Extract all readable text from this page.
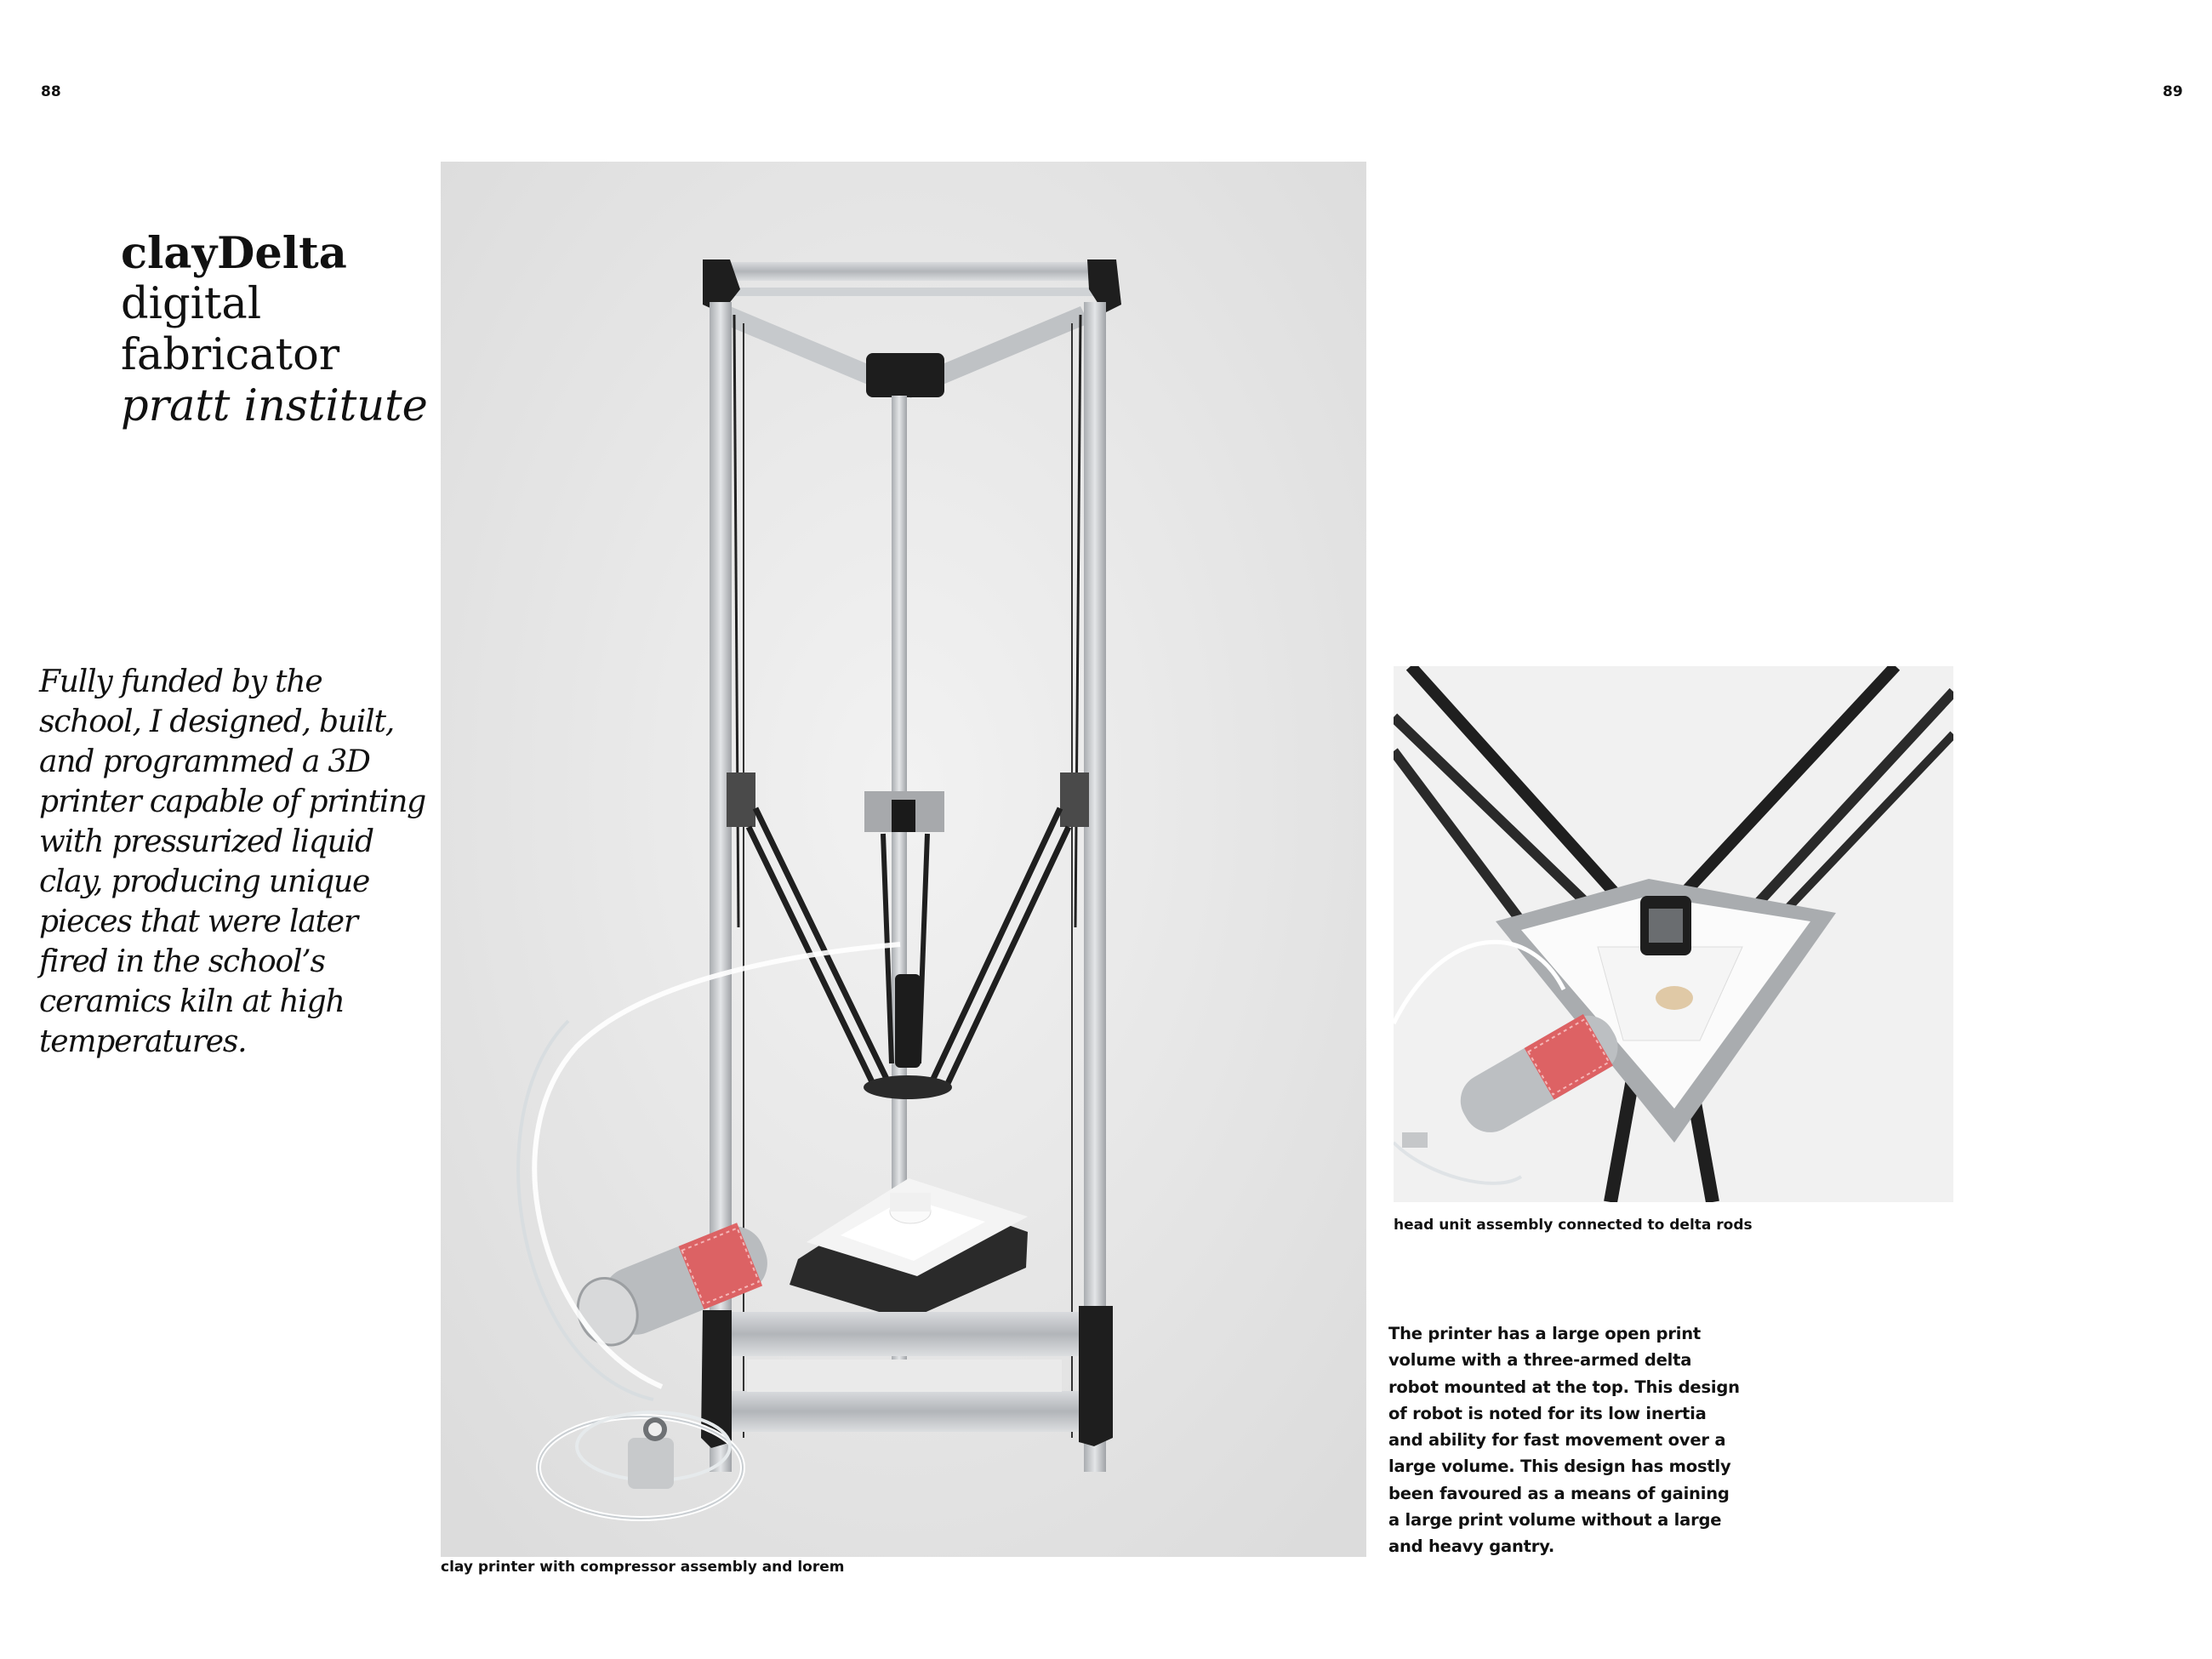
88	89
clayDelta
digital
fabricator
pratt institute
Fully funded by the school, I designed, built, and programmed a 3D printer capable of printing with pressurized liquid clay, producing unique pieces that were later fired in the school’s ceramics kiln at high temperatures.
clay printer with compressor assembly and lorem
head unit assembly connected to delta rods
The printer has a large open print volume with a three-armed delta robot mounted at the top. This design of robot is noted for its low inertia and ability for fast movement over a large volume. This design has mostly been favoured as a means of gaining a large print volume without a large and heavy gantry.
